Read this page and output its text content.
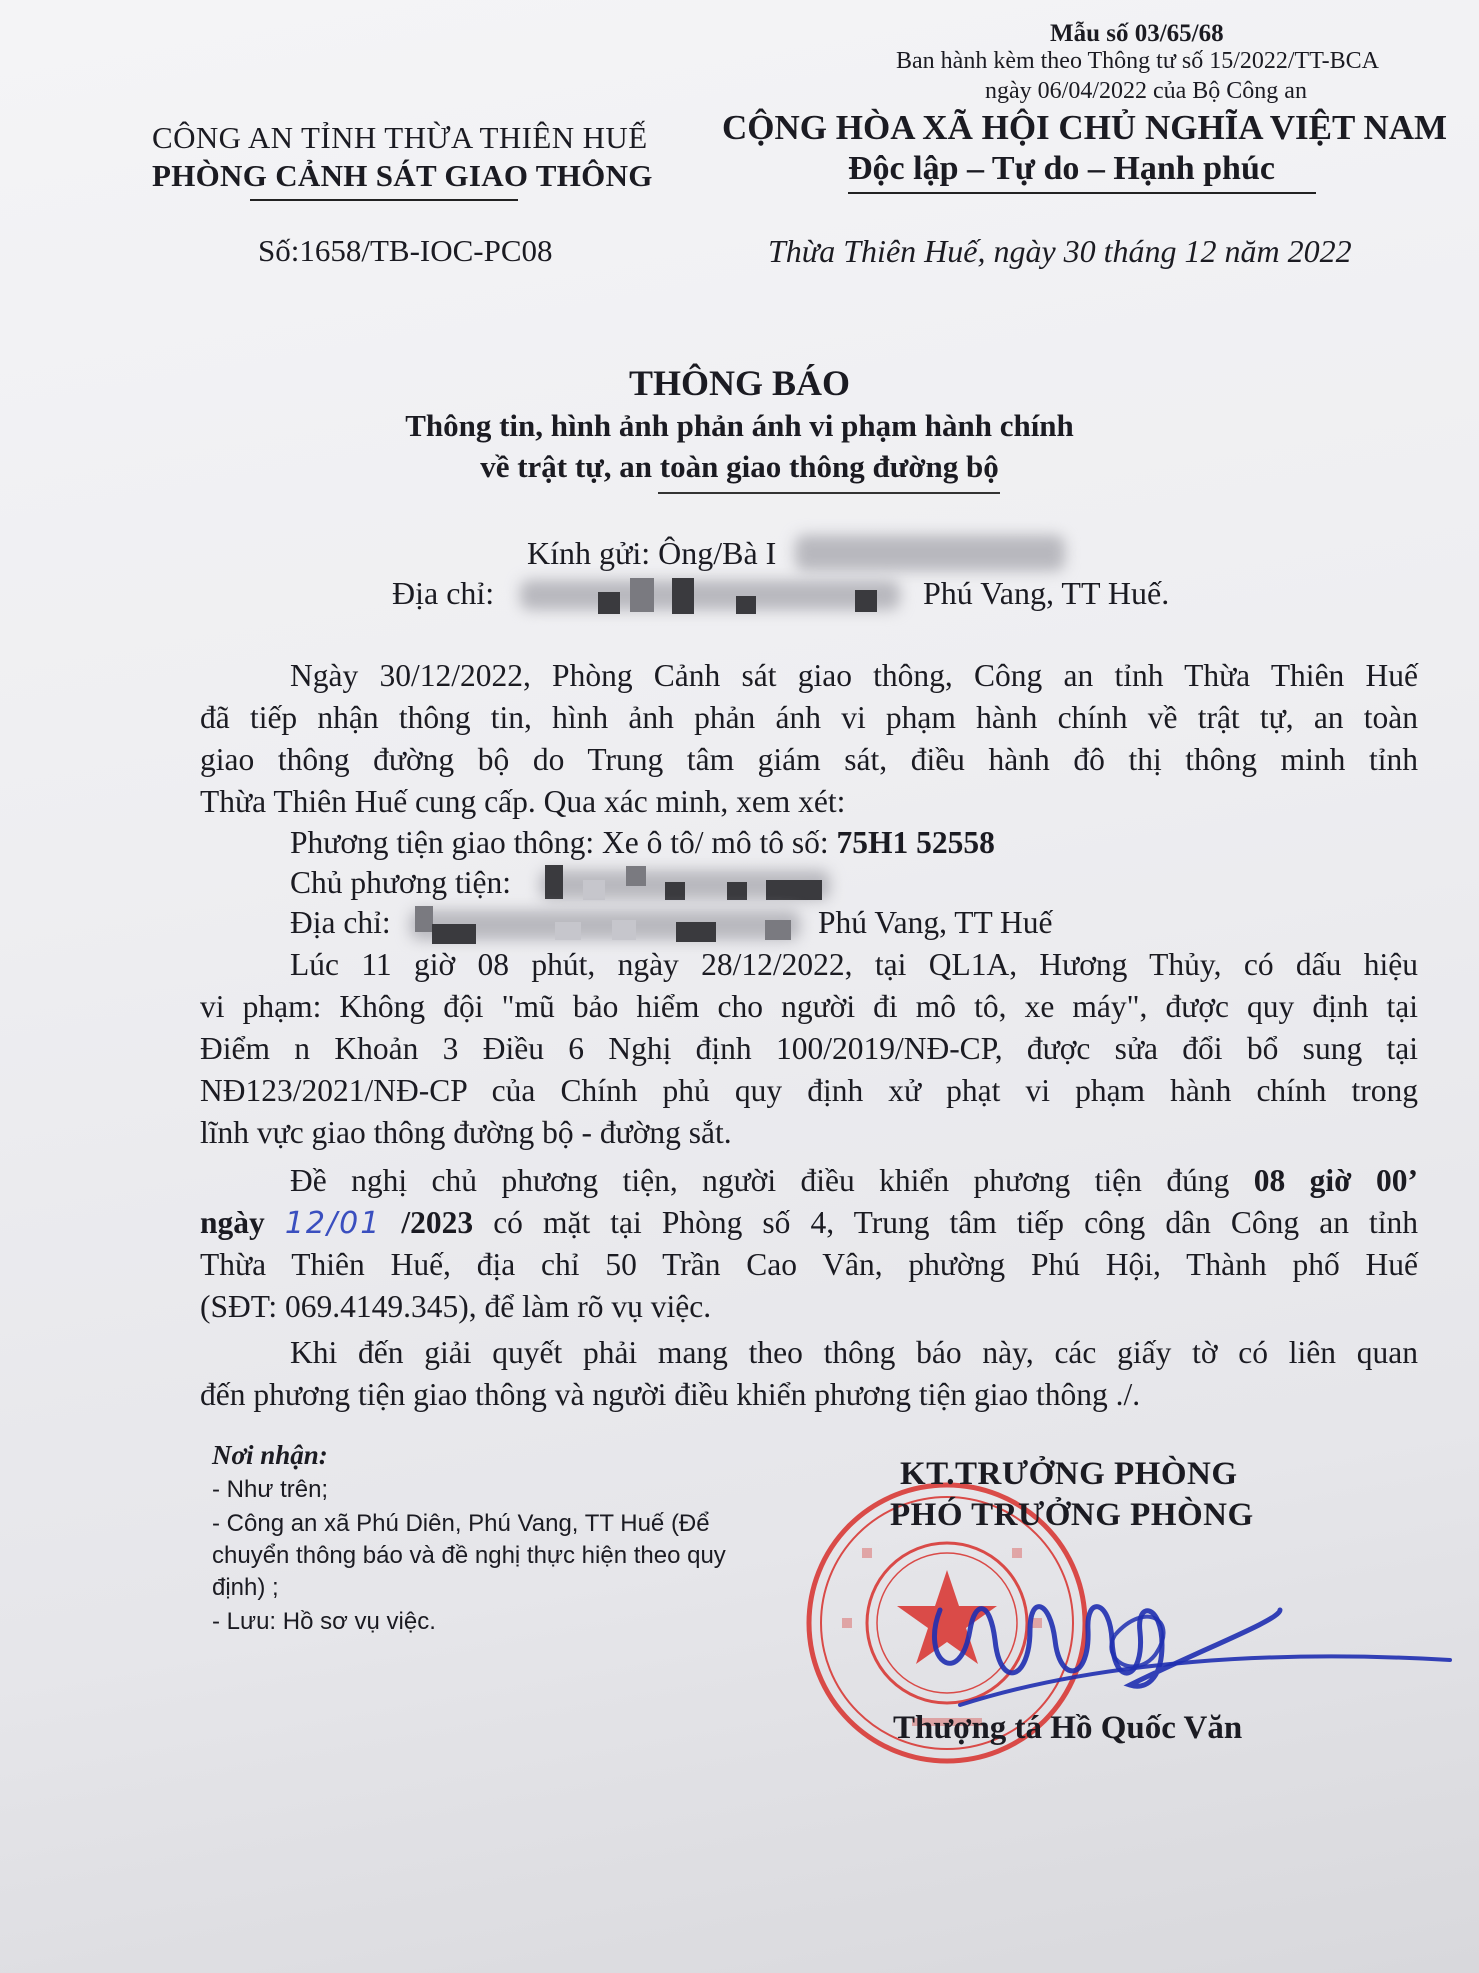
Mẫu số 03/65/68
Ban hành kèm theo Thông tư số 15/2022/TT-BCA
ngày 06/04/2022 của Bộ Công an
CÔNG AN TỈNH THỪA THIÊN HUẾ
PHÒNG CẢNH SÁT GIAO THÔNG
CỘNG HÒA XÃ HỘI CHỦ NGHĨA VIỆT NAM
Độc lập – Tự do – Hạnh phúc
Số:1658/TB-IOC-PC08	Thừa Thiên Huế, ngày 30 tháng 12 năm 2022
THÔNG BÁO
Thông tin, hình ảnh phản ánh vi phạm hành chính
về trật tự, an toàn giao thông đường bộ
Kính gửi: Ông/Bà I
Địa chỉ:	Phú Vang, TT Huế.
Ngày 30/12/2022, Phòng Cảnh sát giao thông, Công an tỉnh Thừa Thiên Huế
đã tiếp nhận thông tin, hình ảnh phản ánh vi phạm hành chính về trật tự, an toàn
giao thông đường bộ do Trung tâm giám sát, điều hành đô thị thông minh tỉnh
Thừa Thiên Huế cung cấp. Qua xác minh, xem xét:
Phương tiện giao thông: Xe ô tô/ mô tô số: 75H1 52558
Chủ phương tiện:
Địa chỉ:	Phú Vang, TT Huế
Lúc 11 giờ 08 phút, ngày 28/12/2022, tại QL1A, Hương Thủy, có dấu hiệu
vi phạm: Không đội "mũ bảo hiểm cho người đi mô tô, xe máy", được quy định tại
Điểm n Khoản 3 Điều 6 Nghị định 100/2019/NĐ-CP, được sửa đổi bổ sung tại
NĐ123/2021/NĐ-CP của Chính phủ quy định xử phạt vi phạm hành chính trong
lĩnh vực giao thông đường bộ - đường sắt.
Đề nghị chủ phương tiện, người điều khiển phương tiện đúng 08 giờ 00’
ngày 12/01 /2023 có mặt tại Phòng số 4, Trung tâm tiếp công dân Công an tỉnh
Thừa Thiên Huế, địa chỉ 50 Trần Cao Vân, phường Phú Hội, Thành phố Huế
(SĐT: 069.4149.345), để làm rõ vụ việc.
Khi đến giải quyết phải mang theo thông báo này, các giấy tờ có liên quan
đến phương tiện giao thông và người điều khiển phương tiện giao thông ./.
Nơi nhận:
- Như trên;
- Công an xã Phú Diên, Phú Vang, TT Huế (Để
chuyển thông báo và đề nghị thực hiện theo quy
định) ;
- Lưu: Hồ sơ vụ việc.
KT.TRƯỞNG PHÒNG
PHÓ TRƯỞNG PHÒNG
Thượng tá Hồ Quốc Văn
